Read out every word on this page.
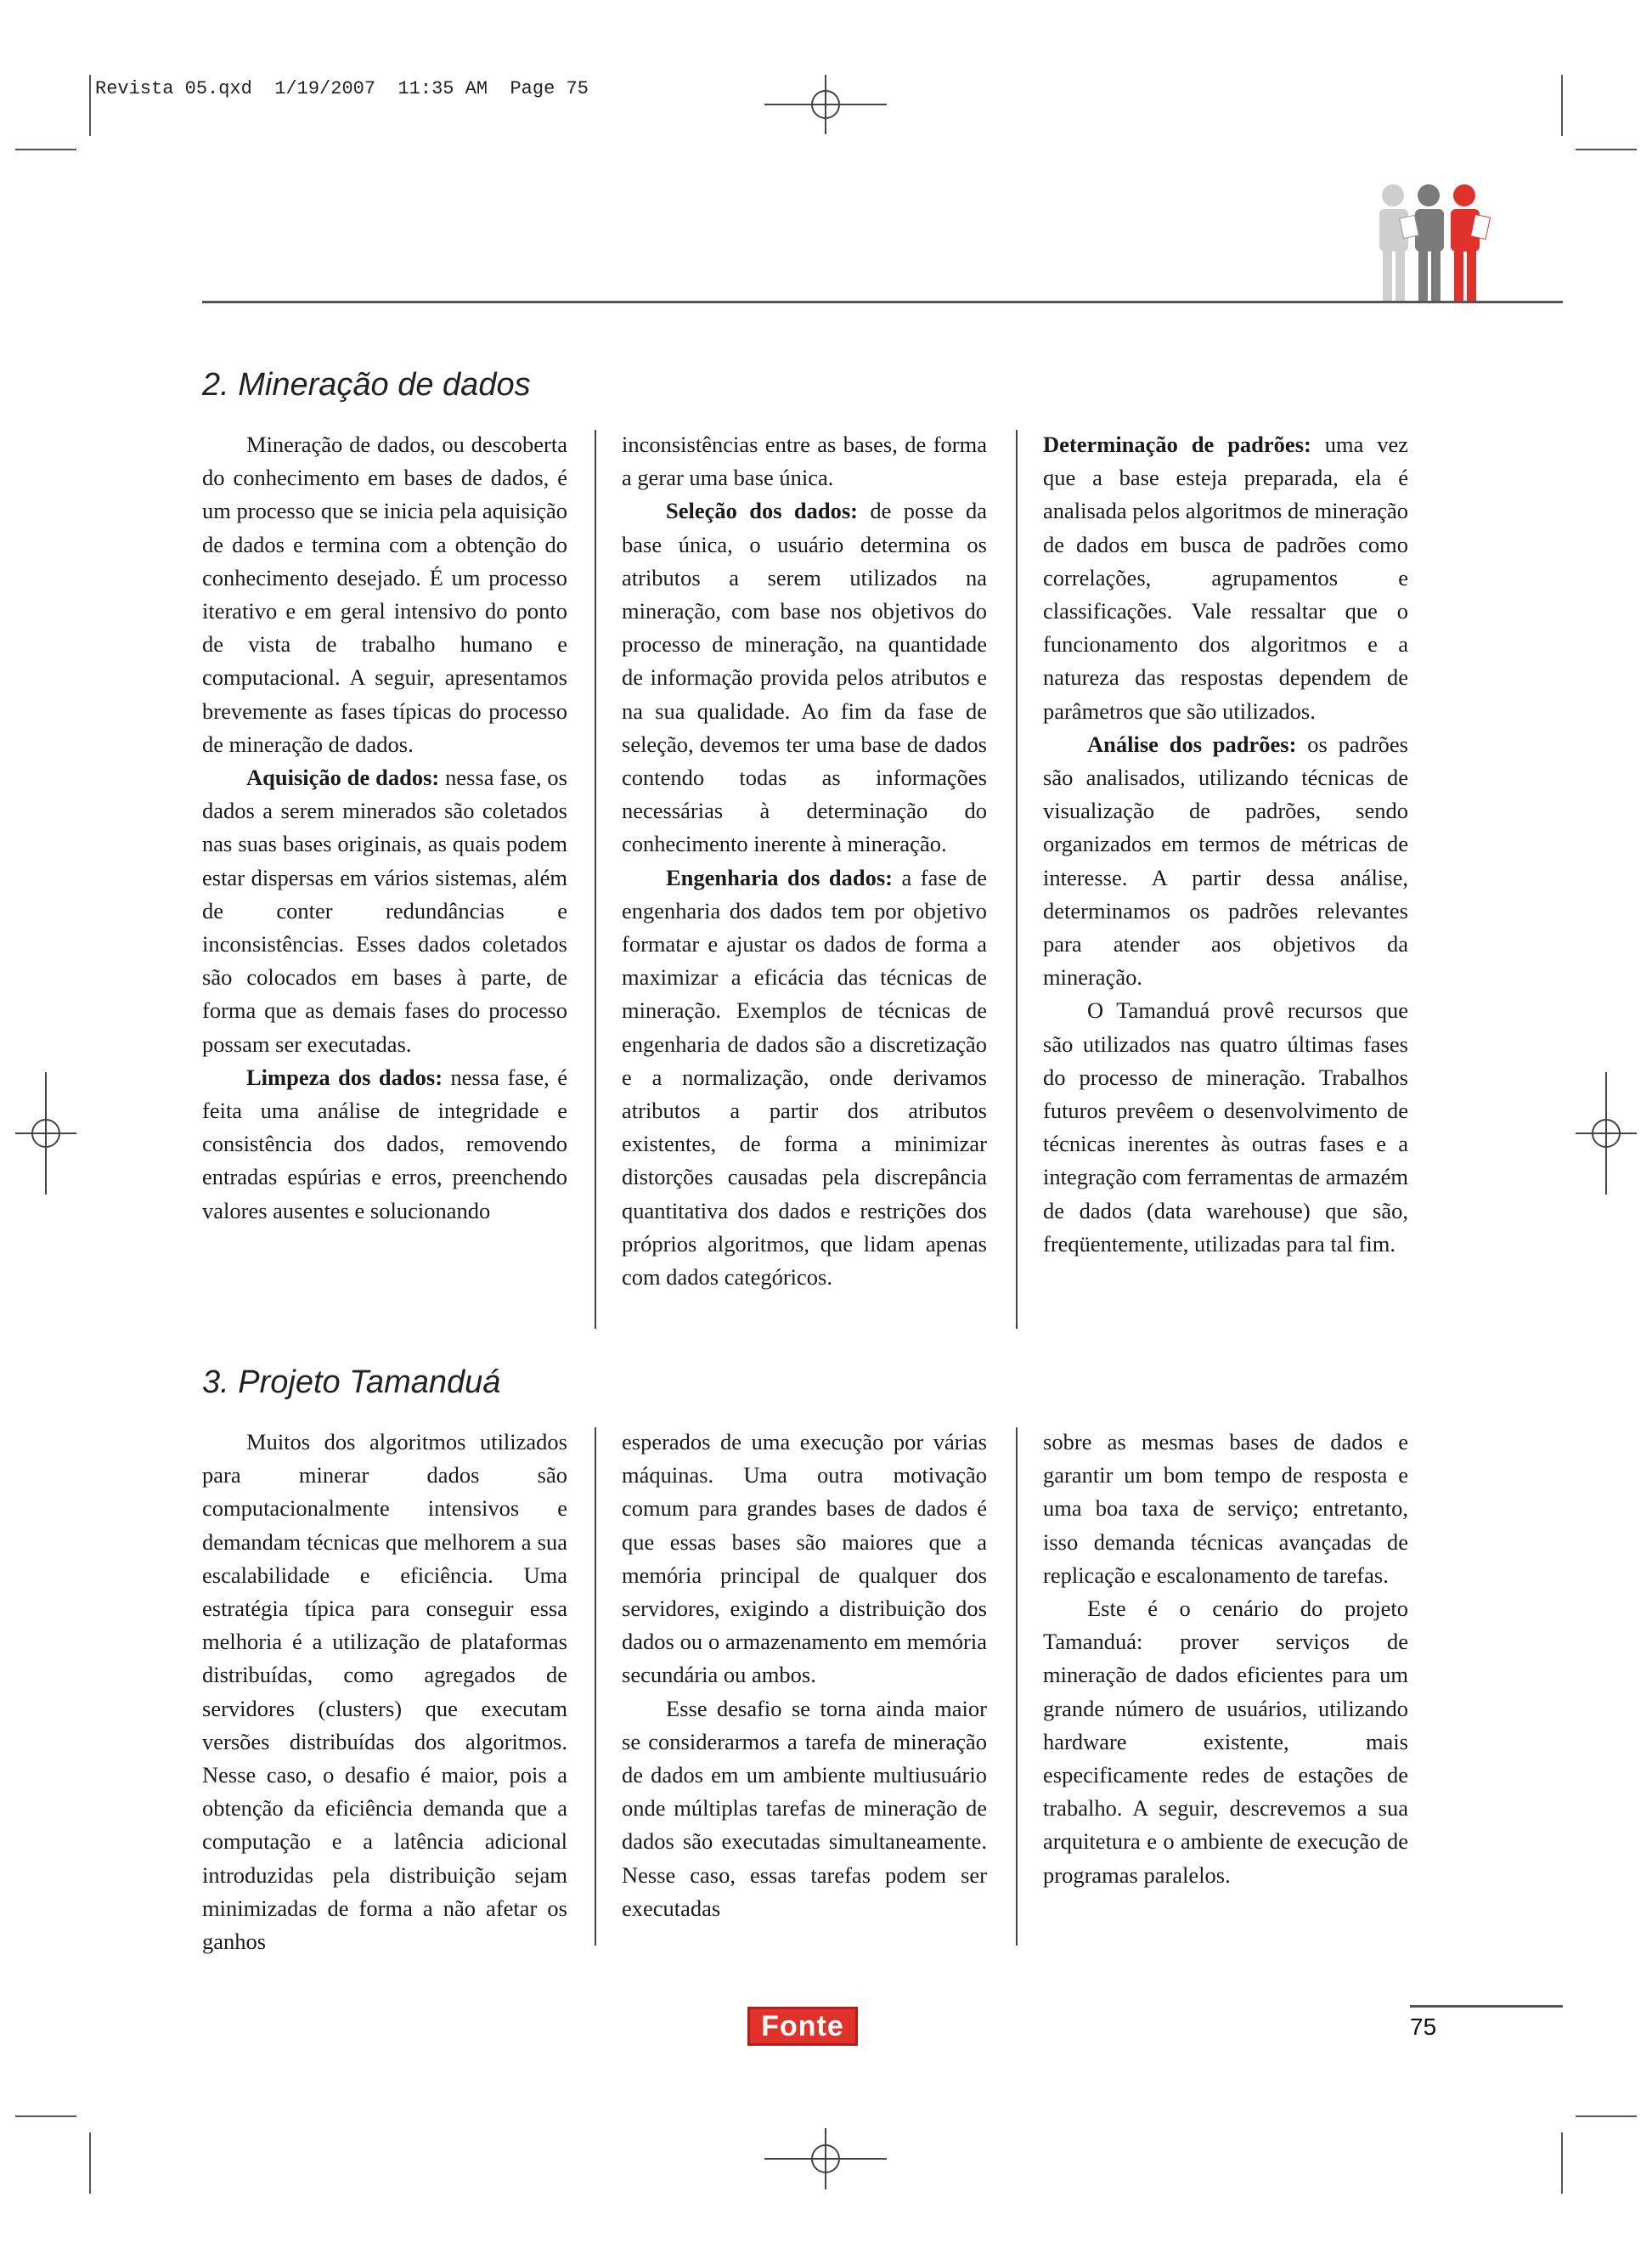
Revista 05.qxd  1/19/2007  11:35 AM  Page 75
2. Mineração de dados

Mineração de dados, ou descoberta do conhecimento em bases de dados, é um processo que se inicia pela aquisição de dados e termina com a obtenção do conhecimento desejado. É um processo iterativo e em geral intensivo do ponto de vista de trabalho humano e computacional. A seguir, apresentamos brevemente as fases típicas do processo de mineração de dados.

Aquisição de dados: nessa fase, os dados a serem minerados são coletados nas suas bases originais, as quais podem estar dispersas em vários sistemas, além de conter redundâncias e inconsistências. Esses dados coletados são colocados em bases à parte, de forma que as demais fases do processo possam ser executadas.

Limpeza dos dados: nessa fase, é feita uma análise de integridade e consistência dos dados, removendo entradas espúrias e erros, preenchendo valores ausentes e solucionando

inconsistências entre as bases, de forma a gerar uma base única.

Seleção dos dados: de posse da base única, o usuário determina os atributos a serem utilizados na mineração, com base nos objetivos do processo de mineração, na quantidade de informação provida pelos atributos e na sua qualidade. Ao fim da fase de seleção, devemos ter uma base de dados contendo todas as informações necessárias à determinação do conhecimento inerente à mineração.

Engenharia dos dados: a fase de engenharia dos dados tem por objetivo formatar e ajustar os dados de forma a maximizar a eficácia das técnicas de mineração. Exemplos de técnicas de engenharia de dados são a discretização e a normalização, onde derivamos atributos a partir dos atributos existentes, de forma a minimizar distorções causadas pela discrepância quantitativa dos dados e restrições dos próprios algoritmos, que lidam apenas com dados categóricos.

Determinação de padrões: uma vez que a base esteja preparada, ela é analisada pelos algoritmos de mineração de dados em busca de padrões como correlações, agrupamentos e classificações. Vale ressaltar que o funcionamento dos algoritmos e a natureza das respostas dependem de parâmetros que são utilizados.

Análise dos padrões: os padrões são analisados, utilizando técnicas de visualização de padrões, sendo organizados em termos de métricas de interesse. A partir dessa análise, determinamos os padrões relevantes para atender aos objetivos da mineração.

O Tamanduá provê recursos que são utilizados nas quatro últimas fases do processo de mineração. Trabalhos futuros prevêem o desenvolvimento de técnicas inerentes às outras fases e a integração com ferramentas de armazém de dados (data warehouse) que são, freqüentemente, utilizadas para tal fim.

3. Projeto Tamanduá

Muitos dos algoritmos utilizados para minerar dados são computacionalmente intensivos e demandam técnicas que melhorem a sua escalabilidade e eficiência. Uma estratégia típica para conseguir essa melhoria é a utilização de plataformas distribuídas, como agregados de servidores (clusters) que executam versões distribuídas dos algoritmos. Nesse caso, o desafio é maior, pois a obtenção da eficiência demanda que a computação e a latência adicional introduzidas pela distribuição sejam minimizadas de forma a não afetar os ganhos

esperados de uma execução por várias máquinas. Uma outra motivação comum para grandes bases de dados é que essas bases são maiores que a memória principal de qualquer dos servidores, exigindo a distribuição dos dados ou o armazenamento em memória secundária ou ambos.

Esse desafio se torna ainda maior se considerarmos a tarefa de mineração de dados em um ambiente multiusuário onde múltiplas tarefas de mineração de dados são executadas simultaneamente. Nesse caso, essas tarefas podem ser executadas

sobre as mesmas bases de dados e garantir um bom tempo de resposta e uma boa taxa de serviço; entretanto, isso demanda técnicas avançadas de replicação e escalonamento de tarefas.

Este é o cenário do projeto Tamanduá: prover serviços de mineração de dados eficientes para um grande número de usuários, utilizando hardware existente, mais especificamente redes de estações de trabalho. A seguir, descrevemos a sua arquitetura e o ambiente de execução de programas paralelos.

Fonte	75
